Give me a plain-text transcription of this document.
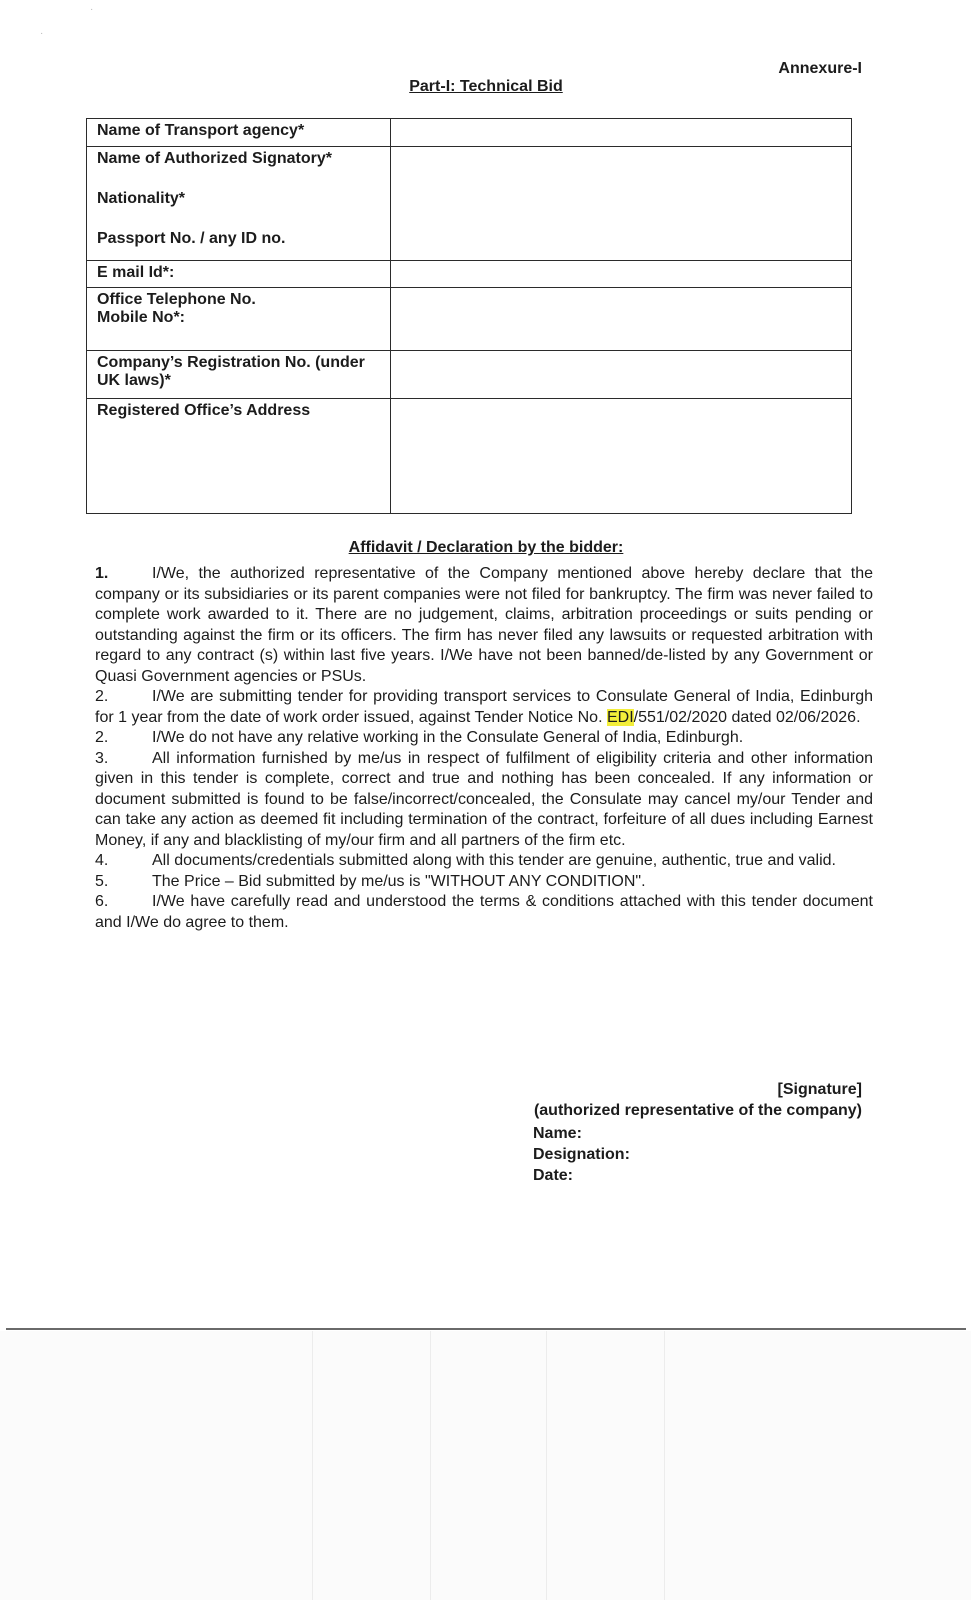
·
·
Annexure-I
Part-I: Technical Bid
Name of Transport agency*	

Name of Authorized Signatory*
Nationality*
Passport No. / any ID no.	

E mail Id*:	

Office Telephone No.
Mobile No*:	

Company’s Registration No. (under UK laws)*	

Registered Office’s Address	

Affidavit / Declaration by the bidder:

1.	I/We, the authorized representative of the Company mentioned above hereby declare that the company or its subsidiaries or its parent companies were not filed for bankruptcy. The firm was never failed to complete work awarded to it. There are no judgement, claims, arbitration proceedings or suits pending or outstanding against the firm or its officers. The firm has never filed any lawsuits or requested arbitration with regard to any contract (s) within last five years. I/We have not been banned/de-listed by any Government or Quasi Government agencies or PSUs.

2.	I/We are submitting tender for providing transport services to Consulate General of India, Edinburgh for 1 year from the date of work order issued, against Tender Notice No. EDI/551/02/2020 dated 02/06/2026.

2.	I/We do not have any relative working in the Consulate General of India, Edinburgh.

3.	All information furnished by me/us in respect of fulfilment of eligibility criteria and other information given in this tender is complete, correct and true and nothing has been concealed. If any information or document submitted is found to be false/incorrect/concealed, the Consulate may cancel my/our Tender and can take any action as deemed fit including termination of the contract, forfeiture of all dues including Earnest Money, if any and blacklisting of my/our firm and all partners of the firm etc.

4.	All documents/credentials submitted along with this tender are genuine, authentic, true and valid.

5.	The Price – Bid submitted by me/us is "WITHOUT ANY CONDITION".

6.	I/We have carefully read and understood the terms & conditions attached with this tender document and I/We do agree to them.

[Signature]
(authorized representative of the company)
Name:
Designation:
Date:
